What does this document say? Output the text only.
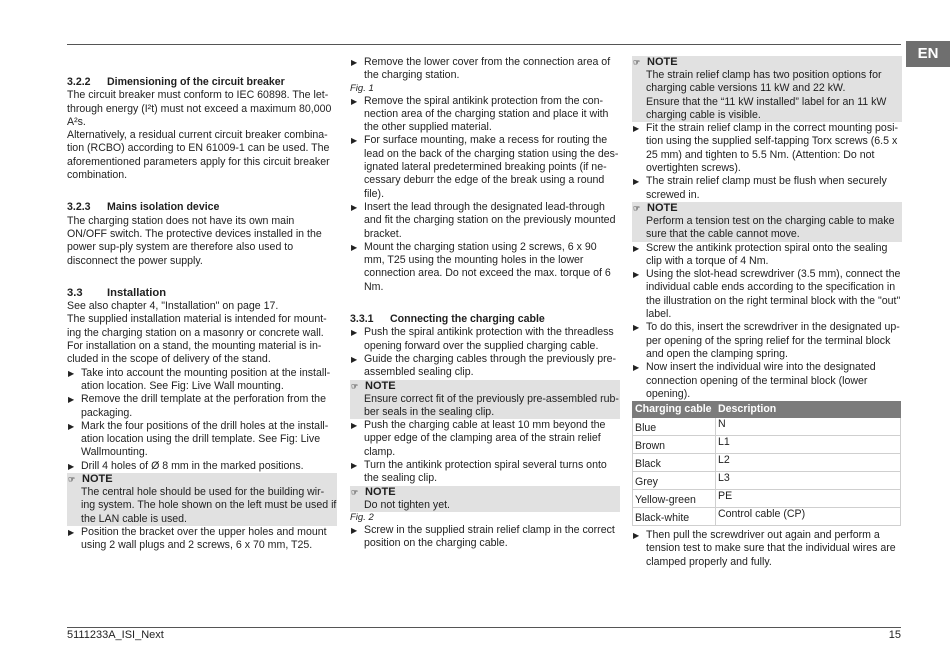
EN
3.2.2 Dimensioning of the circuit breaker

The circuit breaker must conform to IEC 60898. The let-through energy (I²t) must not exceed a maximum 80,000 A²s.

Alternatively, a residual current circuit breaker combina-tion (RCBO) according to EN 61009-1 can be used. The aforementioned parameters apply for this circuit breaker combination.

3.2.3 Mains isolation device

The charging station does not have its own main ON/OFF switch. The protective devices installed in the power sup-ply system are therefore also used to disconnect the power supply.

3.3 Installation

See also chapter 4, "Installation" on page 17.

The supplied installation material is intended for mount-ing the charging station on a masonry or concrete wall. For installation on a stand, the mounting material is in-cluded in the scope of delivery of the stand.

▶ Take into account the mounting position at the install-ation location. See Fig: Live Wall mounting.
▶ Remove the drill template at the perforation from the packaging.
▶ Mark the four positions of the drill holes at the install-ation location using the drill template. See Fig: Live Wallmounting.
▶ Drill 4 holes of Ø 8 mm in the marked positions.
☞ NOTE
The central hole should be used for the building wir-ing system. The hole shown on the left must be used if the LAN cable is used.
▶ Position the bracket over the upper holes and mount using 2 wall plugs and 2 screws, 6 x 70 mm, T25.
▶ Remove the lower cover from the connection area of the charging station.
Fig. 1
▶ Remove the spiral antikink protection from the con-nection area of the charging station and place it with the other supplied material.
▶ For surface mounting, make a recess for routing the lead on the back of the charging station using the des-ignated lateral predetermined breaking points (if ne-cessary deburr the edge of the break using a round file).
▶ Insert the lead through the designated lead-through and fit the charging station on the previously mounted bracket.
▶ Mount the charging station using 2 screws, 6 x 90 mm, T25 using the mounting holes in the lower connection area. Do not exceed the max. torque of 6 Nm.
3.3.1 Connecting the charging cable
▶ Push the spiral antikink protection with the threadless opening forward over the supplied charging cable.
▶ Guide the charging cables through the previously pre-assembled sealing clip.
☞ NOTE
Ensure correct fit of the previously pre-assembled rub-ber seals in the sealing clip.
▶ Push the charging cable at least 10 mm beyond the upper edge of the clamping area of the strain relief clamp.
▶ Turn the antikink protection spiral several turns onto the sealing clip.
☞ NOTE
Do not tighten yet.
Fig. 2
▶ Screw in the supplied strain relief clamp in the correct position on the charging cable.
☞ NOTE
The strain relief clamp has two position options for charging cable versions 11 kW and 22 kW.
Ensure that the “11 kW installed” label for an 11 kW charging cable is visible.
▶ Fit the strain relief clamp in the correct mounting posi-tion using the supplied self-tapping Torx screws (6.5 x 25 mm) and tighten to 5.5 Nm. (Attention: Do not overtighten screws).
▶ The strain relief clamp must be flush when securely screwed in.
☞ NOTE
Perform a tension test on the charging cable to make sure that the cable cannot move.
▶ Screw the antikink protection spiral onto the sealing clip with a torque of 4 Nm.
▶ Using the slot-head screwdriver (3.5 mm), connect the individual cable ends according to the specification in the illustration on the right terminal block with the "out" label.
▶ To do this, insert the screwdriver in the designated up-per opening of the spring relief for the terminal block and open the clamping spring.
▶ Now insert the individual wire into the designated connection opening of the terminal block (lower opening).
Charging cable	Description
Blue	N
Brown	L1
Black	L2
Grey	L3
Yellow-green	PE
Black-white	Control cable (CP)
▶ Then pull the screwdriver out again and perform a tension test to make sure that the individual wires are clamped properly and fully.
5111233A_ISI_Next	15
